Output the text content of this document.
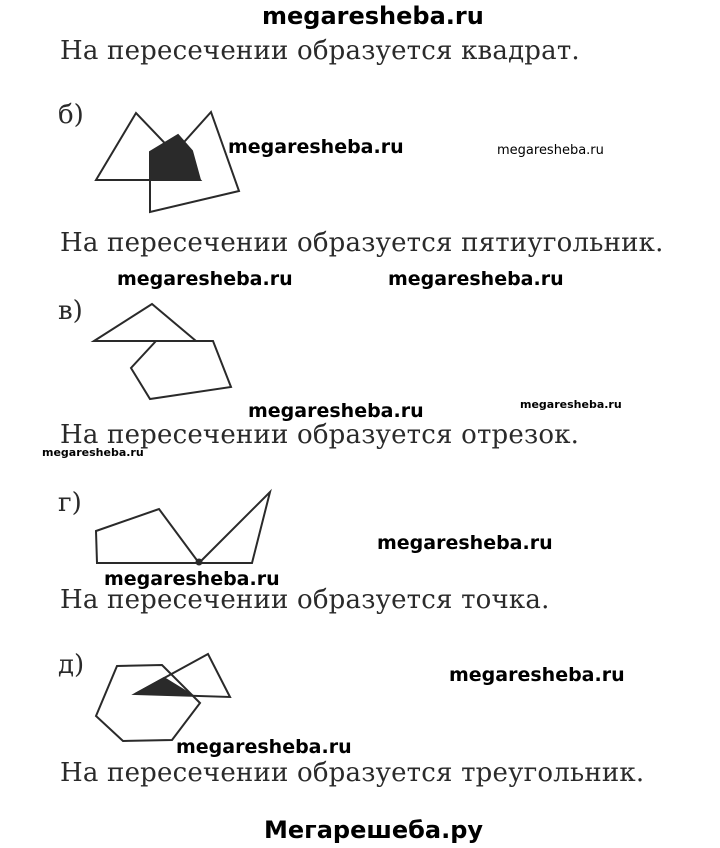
megaresheba.ru
На пересечении образуется квадрат.
б)
megaresheba.ru	megaresheba.ru
На пересечении образуется пятиугольник.
megaresheba.ru	megaresheba.ru
в)
megaresheba.ru	megaresheba.ru
На пересечении образуется отрезок.
megaresheba.ru
г)
megaresheba.ru
megaresheba.ru
На пересечении образуется точка.
д)	megaresheba.ru
megaresheba.ru
На пересечении образуется треугольник.
Мегарешеба.ру
